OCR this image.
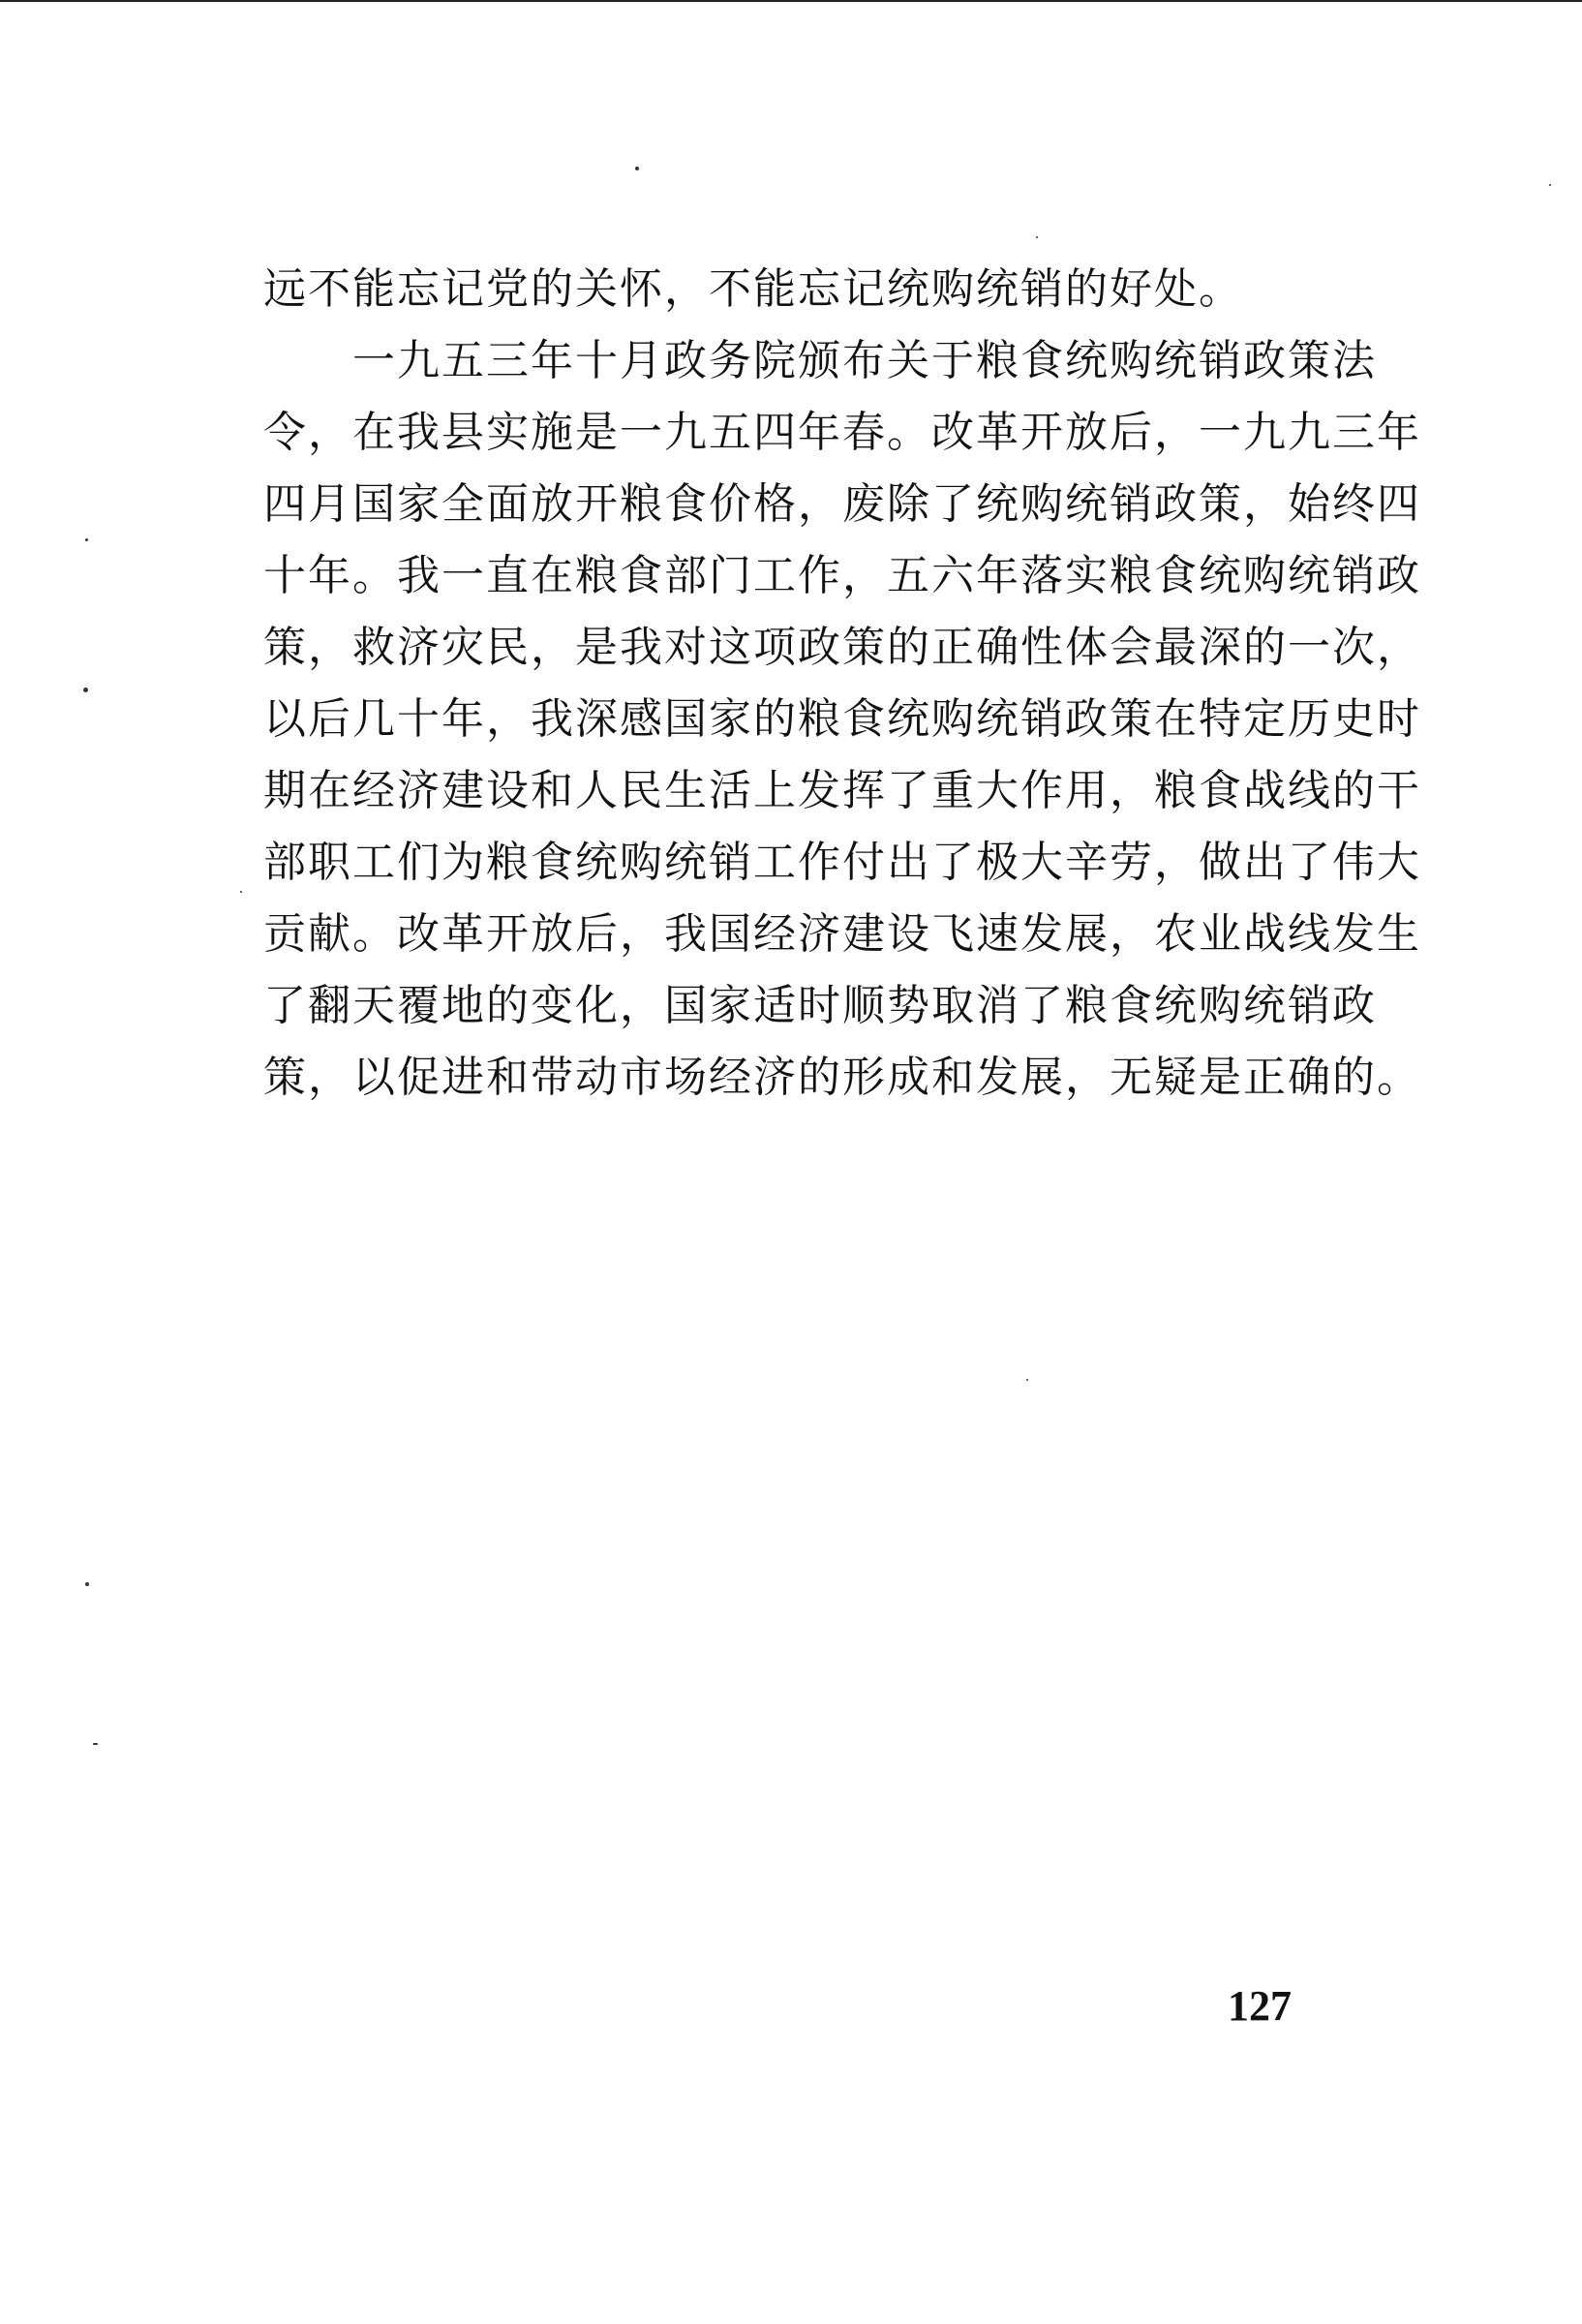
远不能忘记党的关怀，不能忘记统购统销的好处。
　　一九五三年十月政务院颁布关于粮食统购统销政策法
令，在我县实施是一九五四年春。改革开放后，一九九三年
四月国家全面放开粮食价格，废除了统购统销政策，始终四
十年。我一直在粮食部门工作，五六年落实粮食统购统销政
策，救济灾民，是我对这项政策的正确性体会最深的一次，
以后几十年，我深感国家的粮食统购统销政策在特定历史时
期在经济建设和人民生活上发挥了重大作用，粮食战线的干
部职工们为粮食统购统销工作付出了极大辛劳，做出了伟大
贡献。改革开放后，我国经济建设飞速发展，农业战线发生
了翻天覆地的变化，国家适时顺势取消了粮食统购统销政
策，以促进和带动市场经济的形成和发展，无疑是正确的。
127
